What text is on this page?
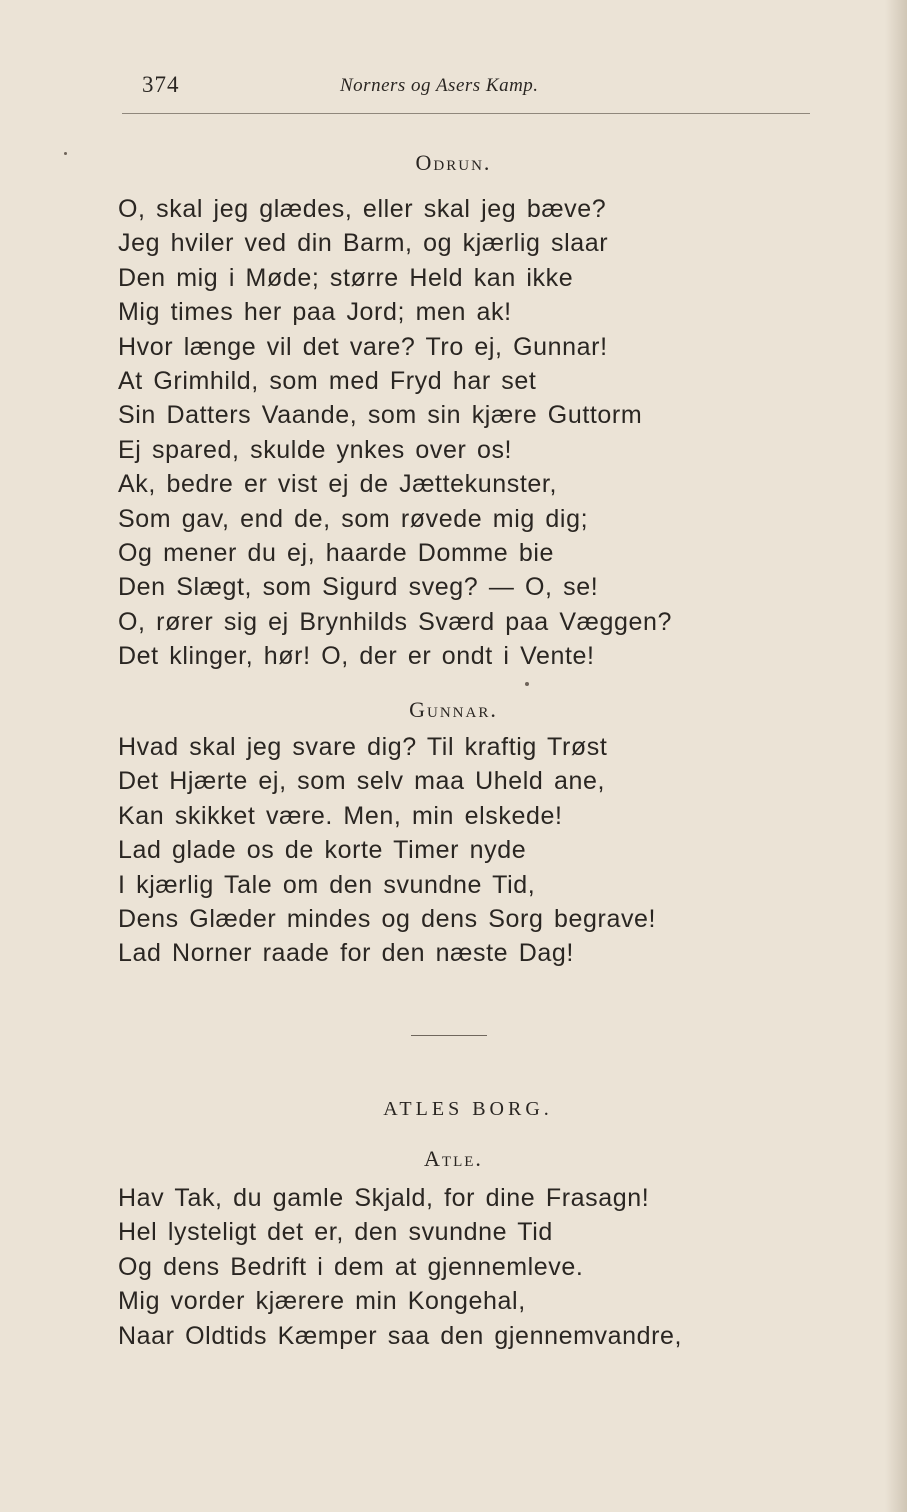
374	Norners og Asers Kamp.
Odrun.
O, skal jeg glædes, eller skal jeg bæve?
Jeg hviler ved din Barm, og kjærlig slaar
Den mig i Møde; større Held kan ikke
Mig times her paa Jord; men ak!
Hvor længe vil det vare? Tro ej, Gunnar!
At Grimhild, som med Fryd har set
Sin Datters Vaande, som sin kjære Guttorm
Ej spared, skulde ynkes over os!
Ak, bedre er vist ej de Jættekunster,
Som gav, end de, som røvede mig dig;
Og mener du ej, haarde Domme bie
Den Slægt, som Sigurd sveg? — O, se!
O, rører sig ej Brynhilds Sværd paa Væggen?
Det klinger, hør! O, der er ondt i Vente!
Gunnar.
Hvad skal jeg svare dig? Til kraftig Trøst
Det Hjærte ej, som selv maa Uheld ane,
Kan skikket være. Men, min elskede!
Lad glade os de korte Timer nyde
I kjærlig Tale om den svundne Tid,
Dens Glæder mindes og dens Sorg begrave!
Lad Norner raade for den næste Dag!
ATLES BORG.
Atle.
Hav Tak, du gamle Skjald, for dine Frasagn!
Hel lysteligt det er, den svundne Tid
Og dens Bedrift i dem at gjennemleve.
Mig vorder kjærere min Kongehal,
Naar Oldtids Kæmper saa den gjennemvandre,
